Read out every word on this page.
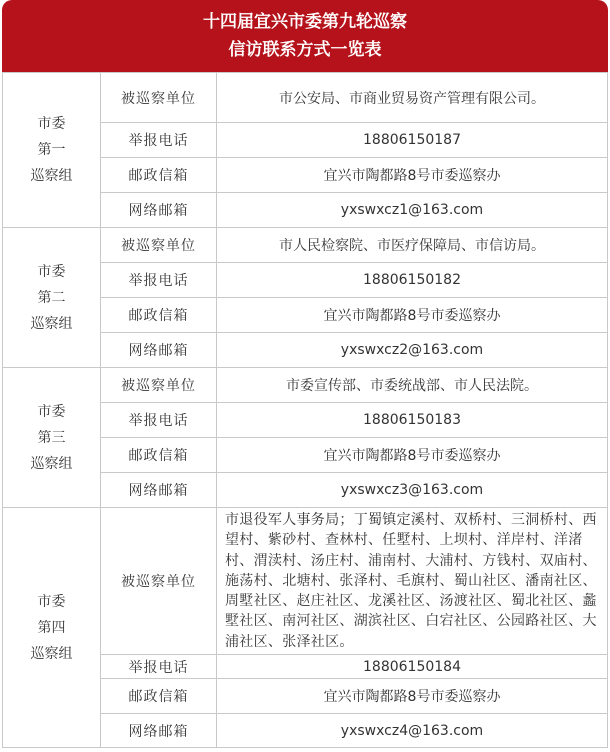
十四届宜兴市委第九轮巡察
信访联系方式一览表
市委
第一
巡察组	被巡察单位	市公安局、市商业贸易资产管理有限公司。
	举报电话	18806150187
	邮政信箱	宜兴市陶都路8号市委巡察办
	网络邮箱	yxswxcz1@163.com

市委
第二
巡察组	被巡察单位	市人民检察院、市医疗保障局、市信访局。
	举报电话	18806150182
	邮政信箱	宜兴市陶都路8号市委巡察办
	网络邮箱	yxswxcz2@163.com

市委
第三
巡察组	被巡察单位	市委宣传部、市委统战部、市人民法院。
	举报电话	18806150183
	邮政信箱	宜兴市陶都路8号市委巡察办
	网络邮箱	yxswxcz3@163.com

市委
第四
巡察组	被巡察单位	市退役军人事务局；丁蜀镇定溪村、双桥村、三洞桥村、西望村、紫砂村、查林村、任墅村、上坝村、洋岸村、洋渚村、渭渎村、汤庄村、浦南村、大浦村、方钱村、双庙村、施荡村、北塘村、张泽村、毛旗村、蜀山社区、潘南社区、周墅社区、赵庄社区、龙溪社区、汤渡社区、蜀北社区、蠡墅社区、南河社区、湖滨社区、白宕社区、公园路社区、大浦社区、张泽社区。
	举报电话	18806150184
	邮政信箱	宜兴市陶都路8号市委巡察办
	网络邮箱	yxswxcz4@163.com
